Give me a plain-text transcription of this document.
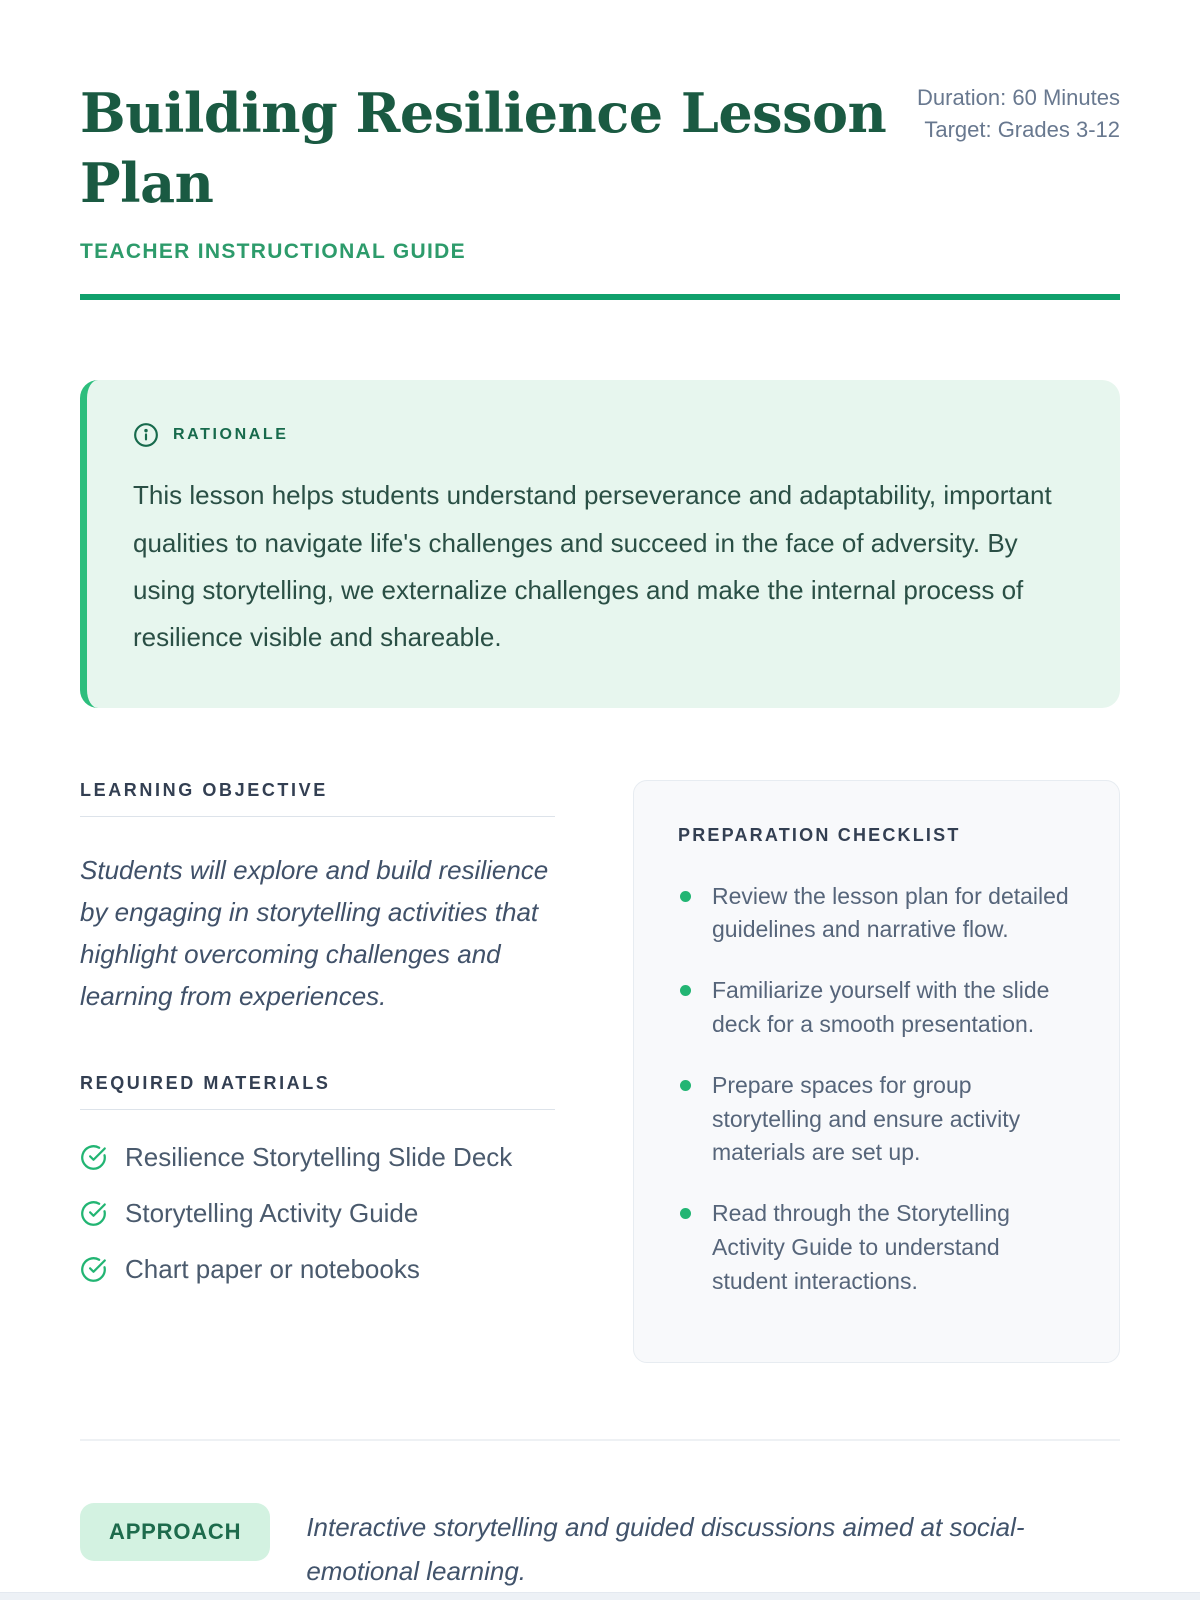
Building Resilience Lesson Plan
Duration: 60 Minutes
Target: Grades 3-12
TEACHER INSTRUCTIONAL GUIDE
RATIONALE

This lesson helps students understand perseverance and adaptability, important qualities to navigate life's challenges and succeed in the face of adversity. By using storytelling, we externalize challenges and make the internal process of resilience visible and shareable.

LEARNING OBJECTIVE

Students will explore and build resilience by engaging in storytelling activities that highlight overcoming challenges and learning from experiences.

REQUIRED MATERIALS
Resilience Storytelling Slide Deck
Storytelling Activity Guide
Chart paper or notebooks
PREPARATION CHECKLIST
Review the lesson plan for detailed guidelines and narrative flow.
Familiarize yourself with the slide deck for a smooth presentation.
Prepare spaces for group storytelling and ensure activity materials are set up.
Read through the Storytelling Activity Guide to understand student interactions.
APPROACH	Interactive storytelling and guided discussions aimed at social-emotional learning.
